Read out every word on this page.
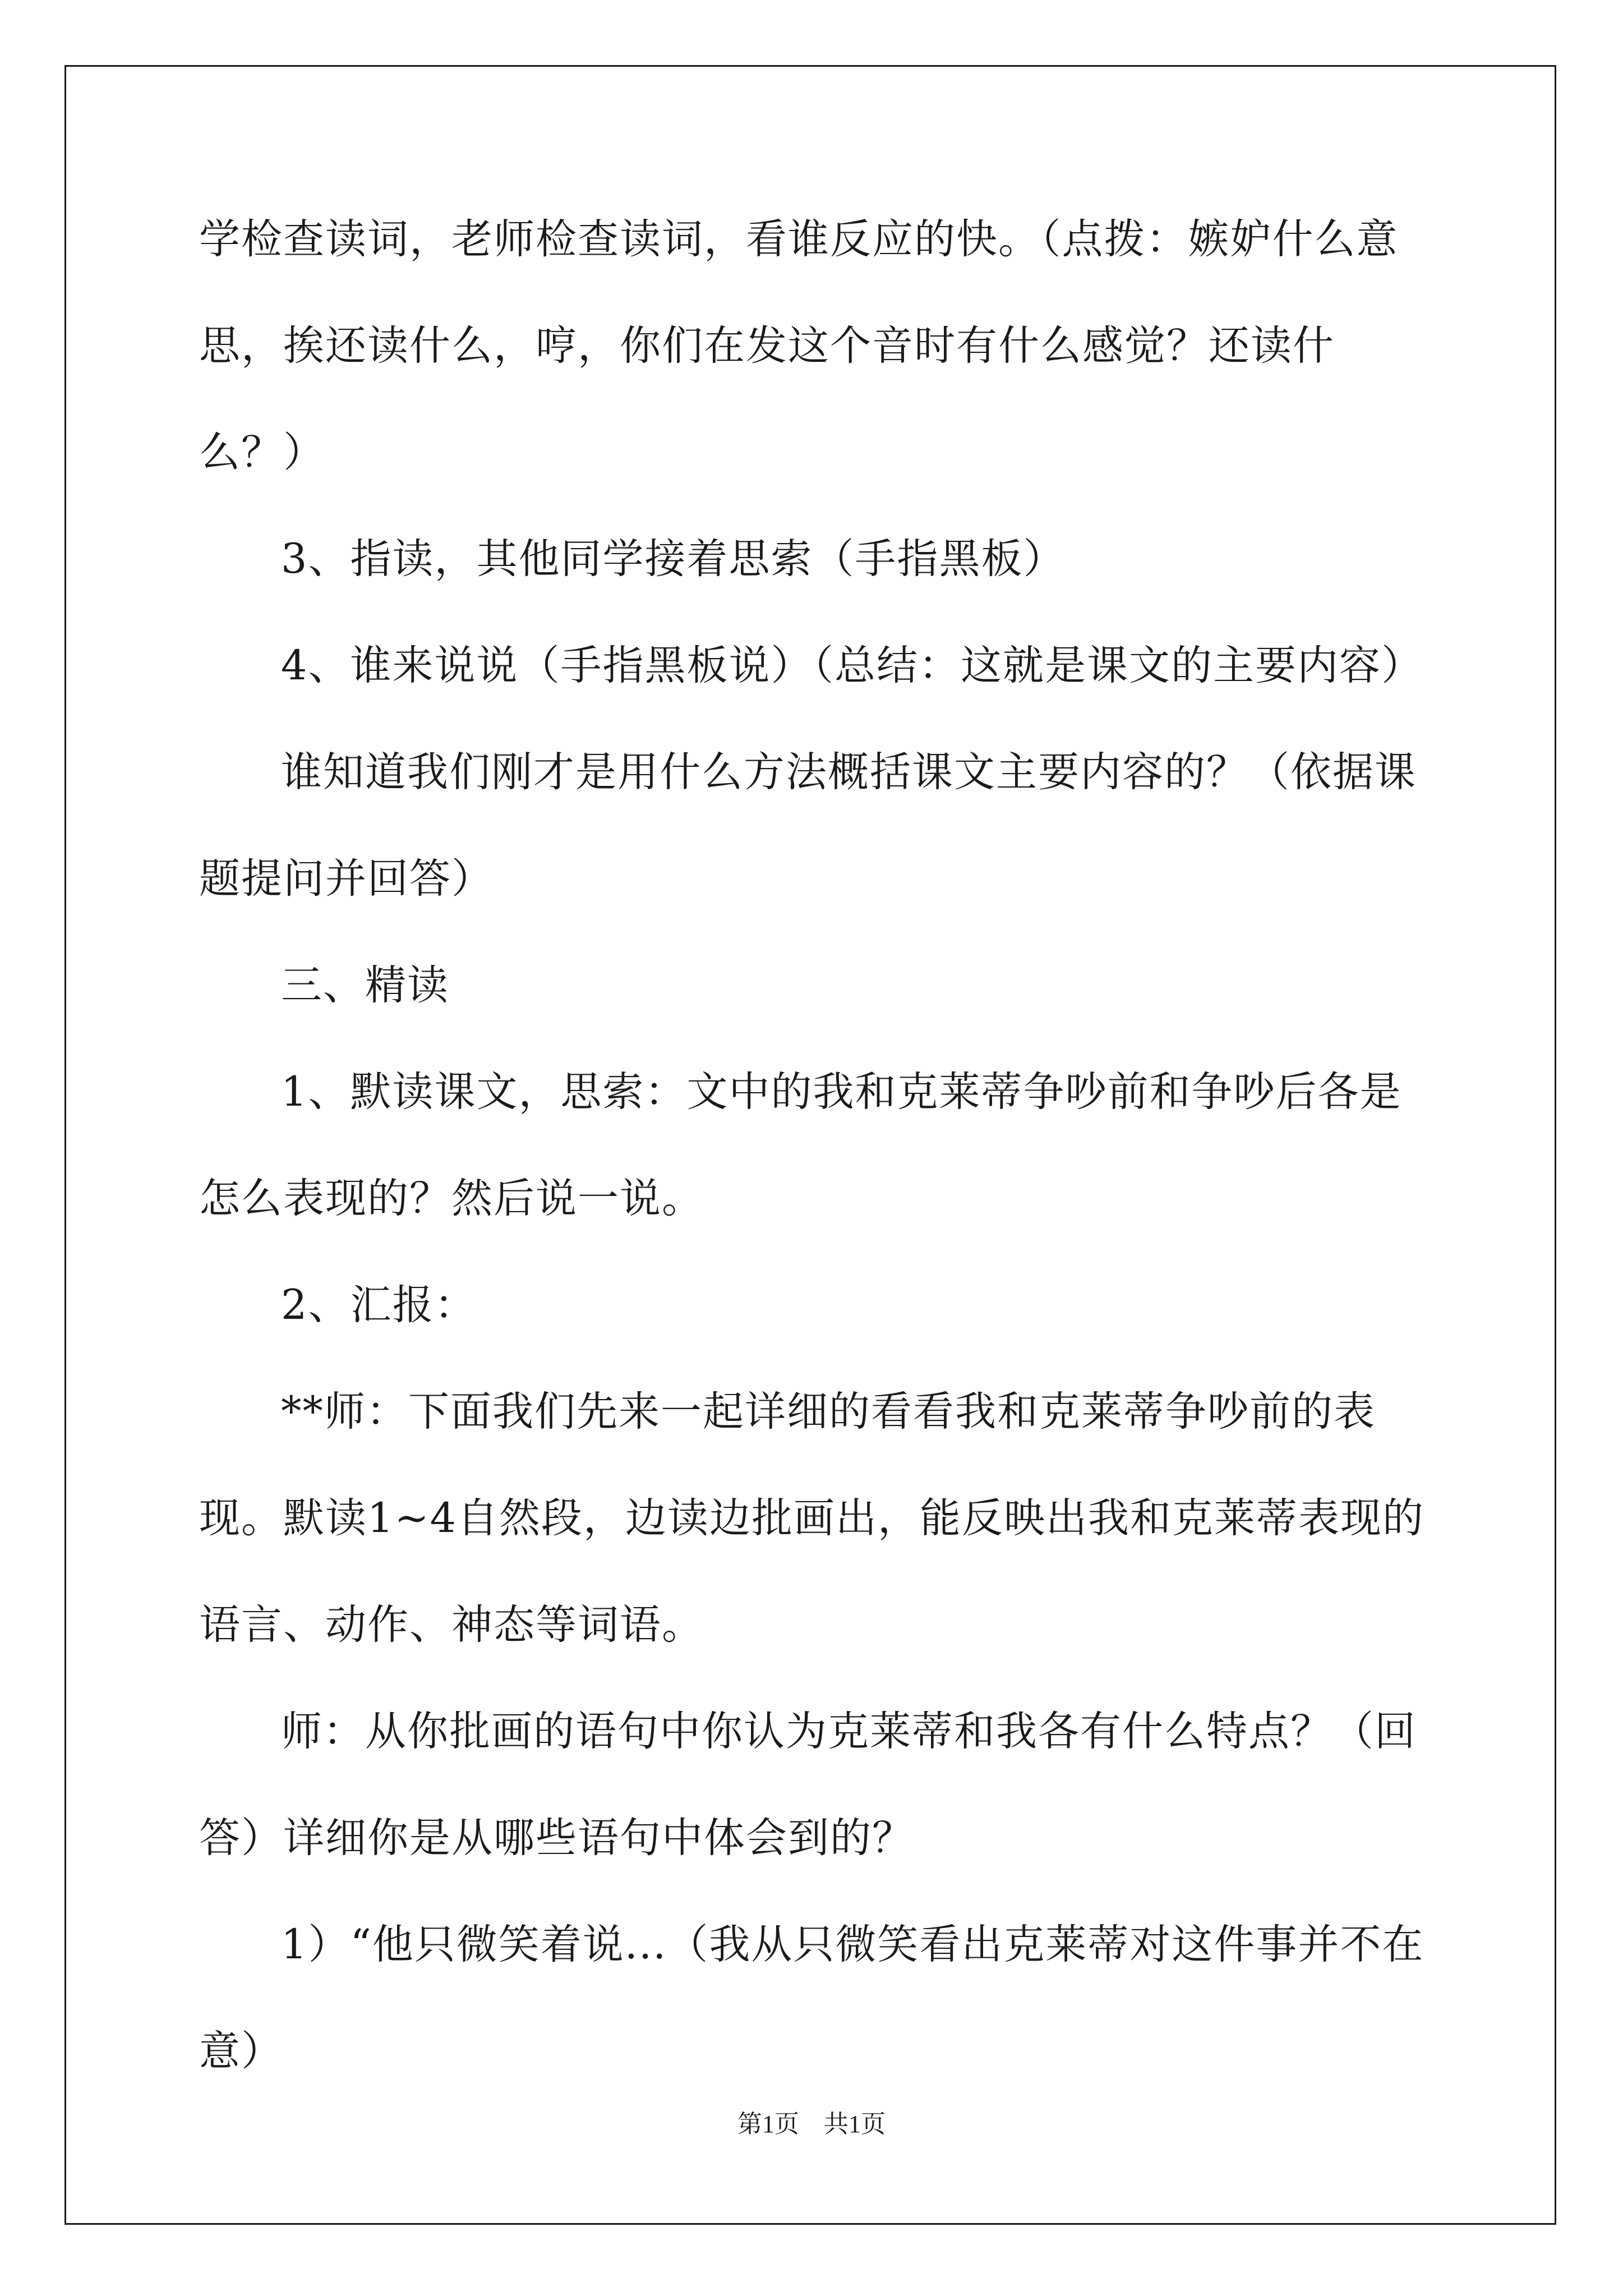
学检查读词，老师检查读词，看谁反应的快。（点拨：嫉妒什么意思，挨还读什么，哼，你们在发这个音时有什么感觉？还读什么？）

3、指读，其他同学接着思索（手指黑板）

4、谁来说说（手指黑板说）（总结：这就是课文的主要内容）

谁知道我们刚才是用什么方法概括课文主要内容的？（依据课题提问并回答）

三、精读

1、默读课文，思索：文中的我和克莱蒂争吵前和争吵后各是怎么表现的？然后说一说。

2、汇报：

**师：下面我们先来一起详细的看看我和克莱蒂争吵前的表现。默读1~4自然段，边读边批画出，能反映出我和克莱蒂表现的语言、动作、神态等词语。

师：从你批画的语句中你认为克莱蒂和我各有什么特点？（回答）详细你是从哪些语句中体会到的？

1）“他只微笑着说...（我从只微笑看出克莱蒂对这件事并不在意）

第1页 共1页
